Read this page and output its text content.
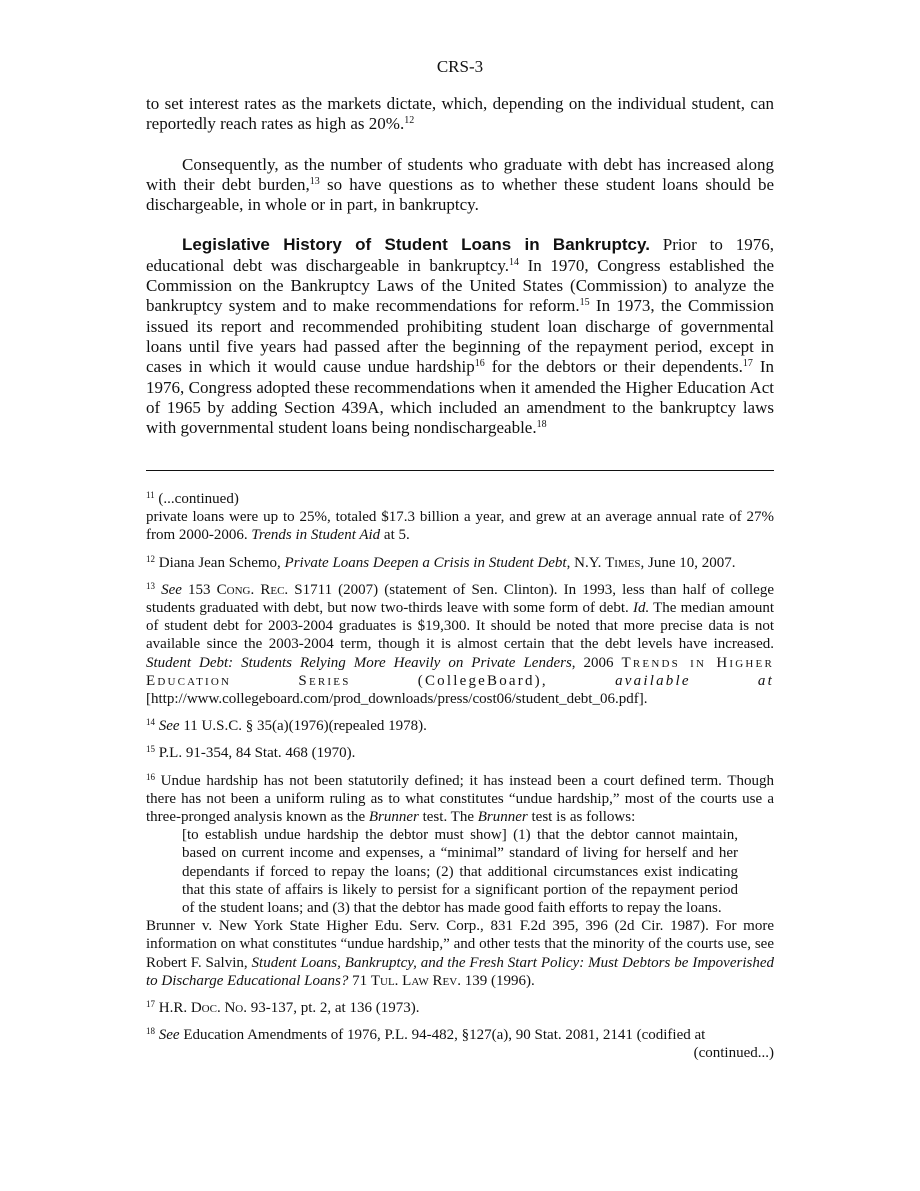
CRS-3

to set interest rates as the markets dictate, which, depending on the individual student, can reportedly reach rates as high as 20%.$^{12}$

Consequently, as the number of students who graduate with debt has increased along with their debt burden,$^{13}$ so have questions as to whether these student loans should be dischargeable, in whole or in part, in bankruptcy.

Legislative History of Student Loans in Bankruptcy. Prior to 1976, educational debt was dischargeable in bankruptcy.$^{14}$ In 1970, Congress established the Commission on the Bankruptcy Laws of the United States (Commission) to analyze the bankruptcy system and to make recommendations for reform.$^{15}$ In 1973, the Commission issued its report and recommended prohibiting student loan discharge of governmental loans until five years had passed after the beginning of the repayment period, except in cases in which it would cause undue hardship$^{16}$ for the debtors or their dependents.$^{17}$ In 1976, Congress adopted these recommendations when it amended the Higher Education Act of 1965 by adding Section 439A, which included an amendment to the bankruptcy laws with governmental student loans being nondischargeable.$^{18}$

$^{11}$ (...continued)
private loans were up to 25%, totaled $17.3 billion a year, and grew at an average annual rate of 27% from 2000-2006. Trends in Student Aid at 5.
$^{12}$ Diana Jean Schemo, Private Loans Deepen a Crisis in Student Debt, N.Y. Times, June 10, 2007.
$^{13}$ See 153 Cong. Rec. S1711 (2007) (statement of Sen. Clinton). In 1993, less than half of college students graduated with debt, but now two-thirds leave with some form of debt. Id. The median amount of student debt for 2003-2004 graduates is $19,300. It should be noted that more precise data is not available since the 2003-2004 term, though it is almost certain that the debt levels have increased. Student Debt: Students Relying More Heavily on Private Lenders, 2006 Trends in Higher Education Series (CollegeBoard), available at [http://www.collegeboard.com/prod_downloads/press/cost06/student_debt_06.pdf].
$^{14}$ See 11 U.S.C. § 35(a)(1976)(repealed 1978).
$^{15}$ P.L. 91-354, 84 Stat. 468 (1970).
$^{16}$ Undue hardship has not been statutorily defined; it has instead been a court defined term. Though there has not been a uniform ruling as to what constitutes “undue hardship,” most of the courts use a three-pronged analysis known as the Brunner test. The Brunner test is as follows:
[to establish undue hardship the debtor must show] (1) that the debtor cannot maintain, based on current income and expenses, a “minimal” standard of living for herself and her dependants if forced to repay the loans; (2) that additional circumstances exist indicating that this state of affairs is likely to persist for a significant portion of the repayment period of the student loans; and (3) that the debtor has made good faith efforts to repay the loans.
Brunner v. New York State Higher Edu. Serv. Corp., 831 F.2d 395, 396 (2d Cir. 1987). For more information on what constitutes “undue hardship,” and other tests that the minority of the courts use, see Robert F. Salvin, Student Loans, Bankruptcy, and the Fresh Start Policy: Must Debtors be Impoverished to Discharge Educational Loans? 71 Tul. Law Rev. 139 (1996).
$^{17}$ H.R. Doc. No. 93-137, pt. 2, at 136 (1973).
$^{18}$ See Education Amendments of 1976, P.L. 94-482, §127(a), 90 Stat. 2081, 2141 (codified at
(continued...)
